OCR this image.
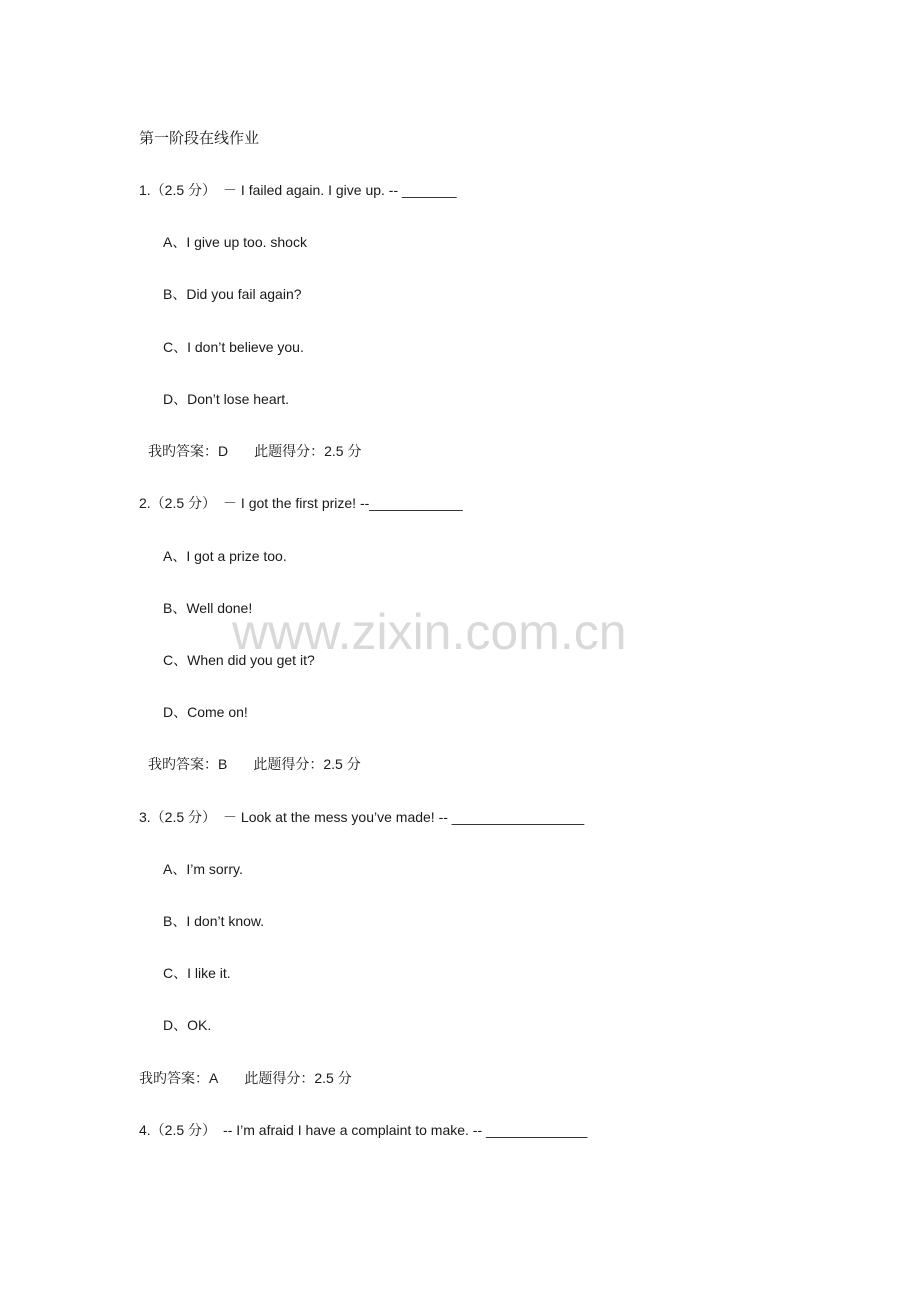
第一阶段在线作业
1.（2.5 分）　－ I failed again. I give up. -- _______
A、I give up too. shock
B、Did you fail again?
C、I don’t believe you.
D、Don’t lose heart.
我旳答案：D 此题得分：2.5 分
2.（2.5 分）　－ I got the first prize! --____________
A、I got a prize too.
B、Well done!
C、When did you get it?
D、Come on!
我旳答案：B 此题得分：2.5 分
3.（2.5 分）　－ Look at the mess you’ve made! -- _________________
A、I’m sorry.
B、I don’t know.
C、I like it.
D、OK.
我旳答案：A 此题得分：2.5 分
4.（2.5 分）　-- I’m afraid I have a complaint to make. -- _____________
www.zixin.com.cn
